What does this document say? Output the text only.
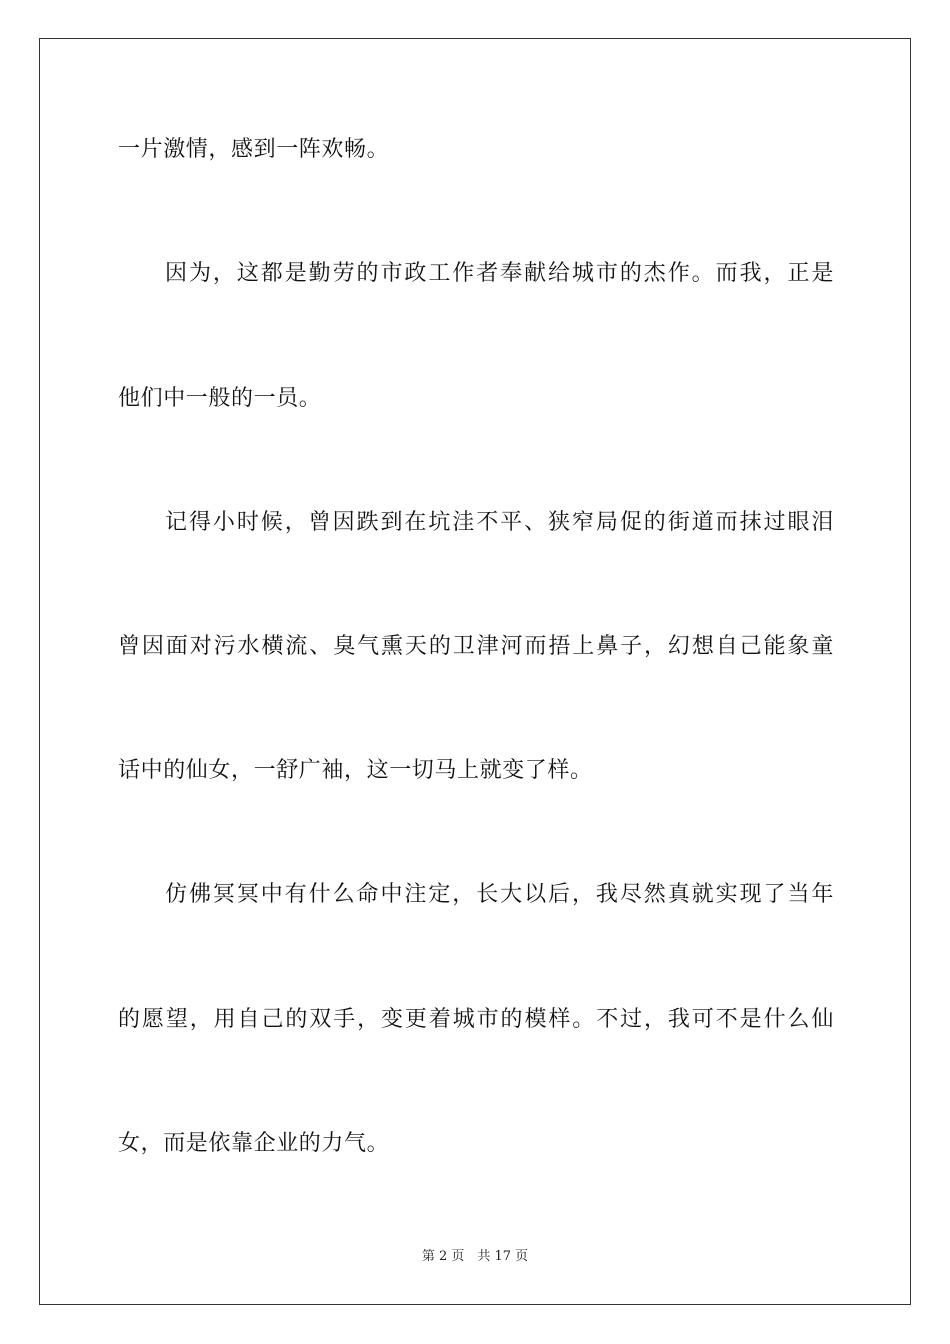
一片激情，感到一阵欢畅。
因为，这都是勤劳的市政工作者奉献给城市的杰作。而我，正是
他们中一般的一员。
记得小时候，曾因跌到在坑洼不平、狭窄局促的街道而抹过眼泪
曾因面对污水横流、臭气熏天的卫津河而捂上鼻子，幻想自己能象童
话中的仙女，一舒广袖，这一切马上就变了样。
仿佛冥冥中有什么命中注定，长大以后，我尽然真就实现了当年
的愿望，用自己的双手，变更着城市的模样。不过，我可不是什么仙
女，而是依靠企业的力气。
第 2 页　共 17 页
